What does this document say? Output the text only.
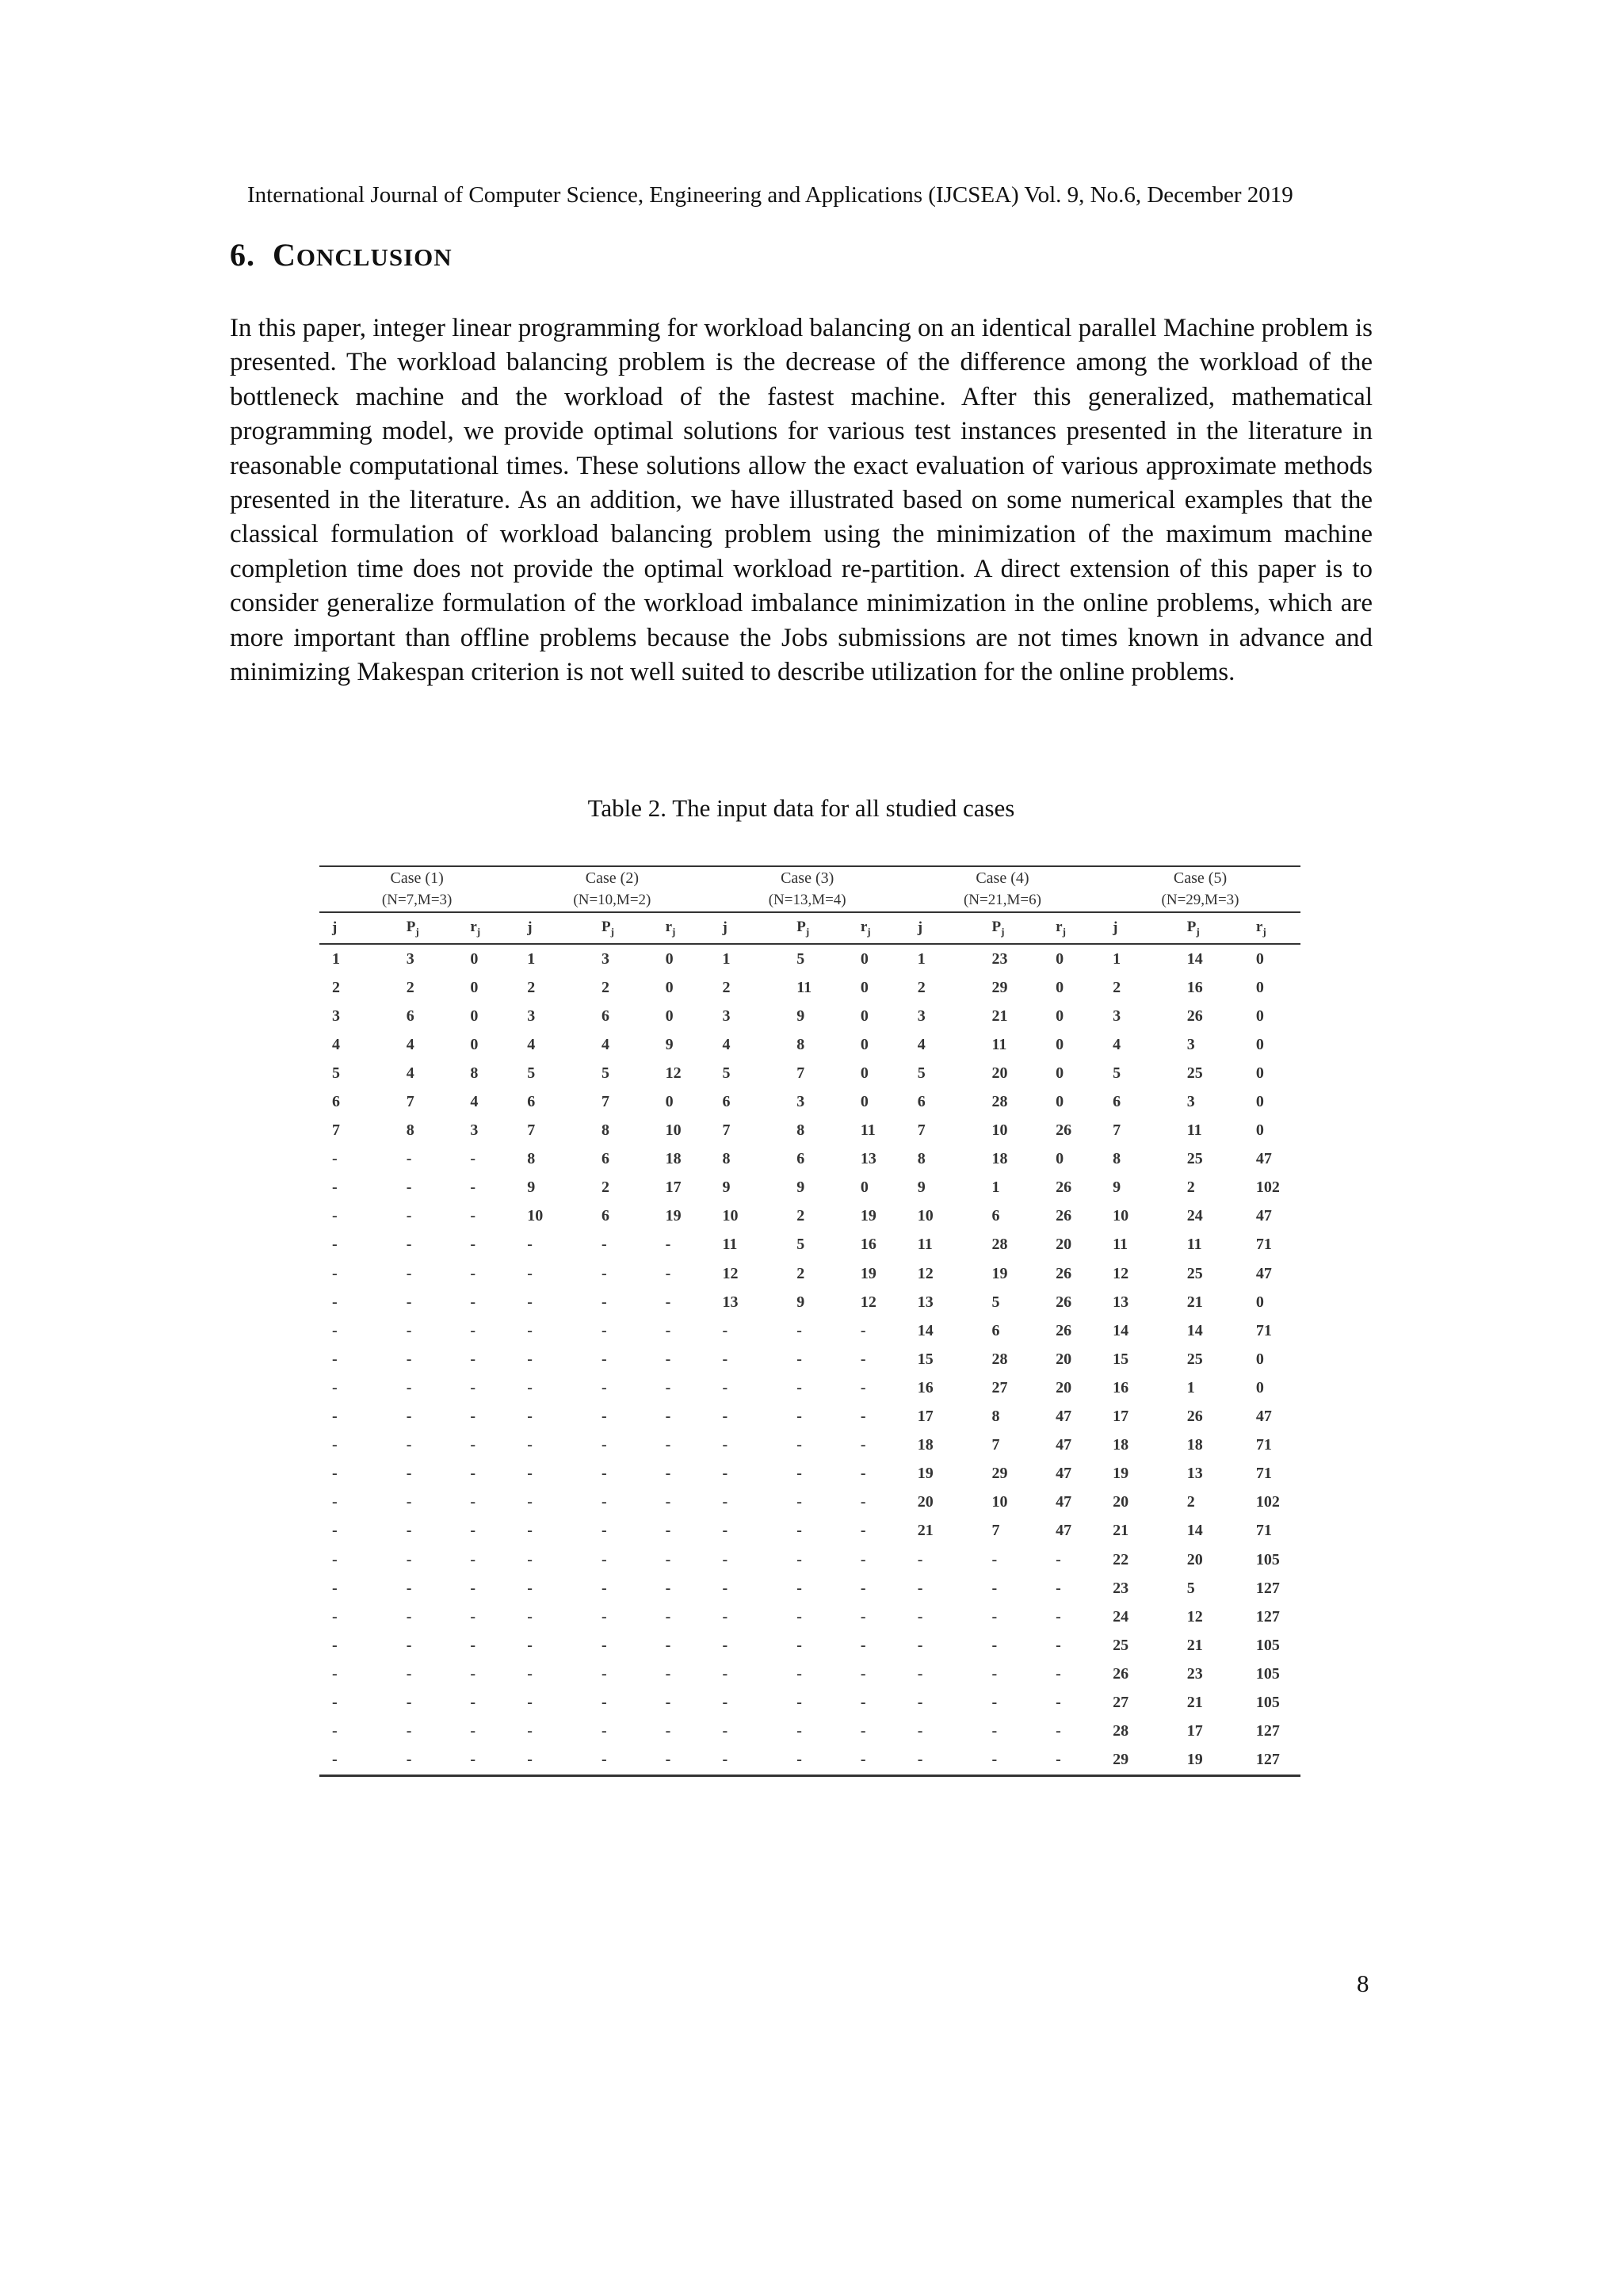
International Journal of Computer Science, Engineering and Applications (IJCSEA) Vol. 9, No.6, December 2019
6. CONCLUSION

In this paper, integer linear programming for workload balancing on an identical parallel Machine problem is presented. The workload balancing problem is the decrease of the difference among the workload of the bottleneck machine and the workload of the fastest machine. After this generalized, mathematical programming model, we provide optimal solutions for various test instances presented in the literature in reasonable computational times. These solutions allow the exact evaluation of various approximate methods presented in the literature. As an addition, we have illustrated based on some numerical examples that the classical formulation of workload balancing problem using the minimization of the maximum machine completion time does not provide the optimal workload re-partition. A direct extension of this paper is to consider generalize formulation of the workload imbalance minimization in the online problems, which are more important than offline problems because the Jobs submissions are not times known in advance and minimizing Makespan criterion is not well suited to describe utilization for the online problems.

Table 2. The input data for all studied cases
Case (1)			Case (2)			Case (3)			Case (4)			Case (5)		
(N=7,M=3)			(N=10,M=2)			(N=13,M=4)			(N=21,M=6)			(N=29,M=3)		
j	$P_j$	$r_j$	j	$P_j$	$r_j$	j	$P_j$	$r_j$	j	$P_j$	$r_j$	j	$P_j$	$r_j$
1	3	0	1	3	0	1	5	0	1	23	0	1	14	0
2	2	0	2	2	0	2	11	0	2	29	0	2	16	0
3	6	0	3	6	0	3	9	0	3	21	0	3	26	0
4	4	0	4	4	9	4	8	0	4	11	0	4	3	0
5	4	8	5	5	12	5	7	0	5	20	0	5	25	0
6	7	4	6	7	0	6	3	0	6	28	0	6	3	0
7	8	3	7	8	10	7	8	11	7	10	26	7	11	0
-	-	-	8	6	18	8	6	13	8	18	0	8	25	47
-	-	-	9	2	17	9	9	0	9	1	26	9	2	102
-	-	-	10	6	19	10	2	19	10	6	26	10	24	47
-	-	-	-	-	-	11	5	16	11	28	20	11	11	71
-	-	-	-	-	-	12	2	19	12	19	26	12	25	47
-	-	-	-	-	-	13	9	12	13	5	26	13	21	0
-	-	-	-	-	-	-	-	-	14	6	26	14	14	71
-	-	-	-	-	-	-	-	-	15	28	20	15	25	0
-	-	-	-	-	-	-	-	-	16	27	20	16	1	0
-	-	-	-	-	-	-	-	-	17	8	47	17	26	47
-	-	-	-	-	-	-	-	-	18	7	47	18	18	71
-	-	-	-	-	-	-	-	-	19	29	47	19	13	71
-	-	-	-	-	-	-	-	-	20	10	47	20	2	102
-	-	-	-	-	-	-	-	-	21	7	47	21	14	71
-	-	-	-	-	-	-	-	-	-	-	-	22	20	105
-	-	-	-	-	-	-	-	-	-	-	-	23	5	127
-	-	-	-	-	-	-	-	-	-	-	-	24	12	127
-	-	-	-	-	-	-	-	-	-	-	-	25	21	105
-	-	-	-	-	-	-	-	-	-	-	-	26	23	105
-	-	-	-	-	-	-	-	-	-	-	-	27	21	105
-	-	-	-	-	-	-	-	-	-	-	-	28	17	127
-	-	-	-	-	-	-	-	-	-	-	-	29	19	127
8
